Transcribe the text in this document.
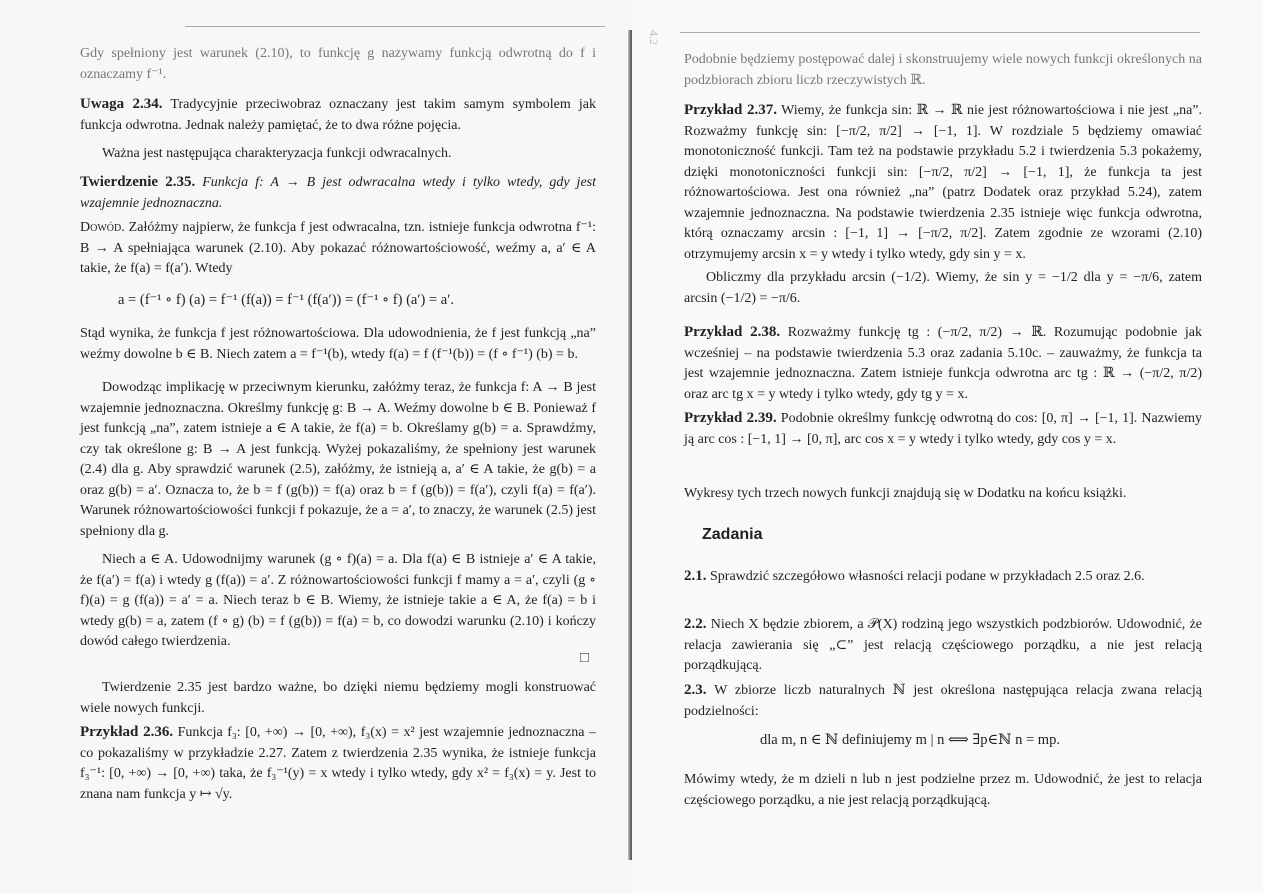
Gdy spełniony jest warunek (2.10), to funkcję g nazywamy funkcją odwrotną do f i oznaczamy f⁻¹.

Uwaga 2.34. Tradycyjnie przeciwobraz oznaczany jest takim samym symbolem jak funkcja odwrotna. Jednak należy pamiętać, że to dwa różne pojęcia.

Ważna jest następująca charakteryzacja funkcji odwracalnych.

Twierdzenie 2.35. Funkcja f: A → B jest odwracalna wtedy i tylko wtedy, gdy jest wzajemnie jednoznaczna.

Dowód. Załóżmy najpierw, że funkcja f jest odwracalna, tzn. istnieje funkcja odwrotna f⁻¹: B → A spełniająca warunek (2.10). Aby pokazać różnowartościowość, weźmy a, a′ ∈ A takie, że f(a) = f(a′). Wtedy

a = (f⁻¹ ∘ f) (a) = f⁻¹ (f(a)) = f⁻¹ (f(a′)) = (f⁻¹ ∘ f) (a′) = a′.

Stąd wynika, że funkcja f jest różnowartościowa. Dla udowodnienia, że f jest funkcją „na” weźmy dowolne b ∈ B. Niech zatem a = f⁻¹(b), wtedy f(a) = f (f⁻¹(b)) = (f ∘ f⁻¹) (b) = b.

Dowodząc implikację w przeciwnym kierunku, załóżmy teraz, że funkcja f: A → B jest wzajemnie jednoznaczna. Określmy funkcję g: B → A. Weźmy dowolne b ∈ B. Ponieważ f jest funkcją „na”, zatem istnieje a ∈ A takie, że f(a) = b. Określamy g(b) = a. Sprawdźmy, czy tak określone g: B → A jest funkcją. Wyżej pokazaliśmy, że spełniony jest warunek (2.4) dla g. Aby sprawdzić warunek (2.5), załóżmy, że istnieją a, a′ ∈ A takie, że g(b) = a oraz g(b) = a′. Oznacza to, że b = f (g(b)) = f(a) oraz b = f (g(b)) = f(a′), czyli f(a) = f(a′). Warunek różnowartościowości funkcji f pokazuje, że a = a′, to znaczy, że warunek (2.5) jest spełniony dla g.

Niech a ∈ A. Udowodnijmy warunek (g ∘ f)(a) = a. Dla f(a) ∈ B istnieje a′ ∈ A takie, że f(a′) = f(a) i wtedy g (f(a)) = a′. Z różnowartościowości funkcji f mamy a = a′, czyli (g ∘ f)(a) = g (f(a)) = a′ = a. Niech teraz b ∈ B. Wiemy, że istnieje takie a ∈ A, że f(a) = b i wtedy g(b) = a, zatem (f ∘ g) (b) = f (g(b)) = f(a) = b, co dowodzi warunku (2.10) i kończy dowód całego twierdzenia.

□

Twierdzenie 2.35 jest bardzo ważne, bo dzięki niemu będziemy mogli konstruować wiele nowych funkcji.

Przykład 2.36. Funkcja f₃: [0, +∞) → [0, +∞), f₃(x) = x² jest wzajemnie jednoznaczna – co pokazaliśmy w przykładzie 2.27. Zatem z twierdzenia 2.35 wynika, że istnieje funkcja f₃⁻¹: [0, +∞) → [0, +∞) taka, że f₃⁻¹(y) = x wtedy i tylko wtedy, gdy x² = f₃(x) = y. Jest to znana nam funkcja y ↦ √y.

4.2

Podobnie będziemy postępować dalej i skonstruujemy wiele nowych funkcji określonych na podzbiorach zbioru liczb rzeczywistych ℝ.

Przykład 2.37. Wiemy, że funkcja sin: ℝ → ℝ nie jest różnowartościowa i nie jest „na”. Rozważmy funkcję sin: [−π/2, π/2] → [−1, 1]. W rozdziale 5 będziemy omawiać monotoniczność funkcji. Tam też na podstawie przykładu 5.2 i twierdzenia 5.3 pokażemy, dzięki monotoniczności funkcji sin: [−π/2, π/2] → [−1, 1], że funkcja ta jest różnowartościowa. Jest ona również „na” (patrz Dodatek oraz przykład 5.24), zatem wzajemnie jednoznaczna. Na podstawie twierdzenia 2.35 istnieje więc funkcja odwrotna, którą oznaczamy arcsin : [−1, 1] → [−π/2, π/2]. Zatem zgodnie ze wzorami (2.10) otrzymujemy arcsin x = y wtedy i tylko wtedy, gdy sin y = x.

Obliczmy dla przykładu arcsin (−1/2). Wiemy, że sin y = −1/2 dla y = −π/6, zatem arcsin (−1/2) = −π/6.

Przykład 2.38. Rozważmy funkcję tg : (−π/2, π/2) → ℝ. Rozumując podobnie jak wcześniej – na podstawie twierdzenia 5.3 oraz zadania 5.10c. – zauważmy, że funkcja ta jest wzajemnie jednoznaczna. Zatem istnieje funkcja odwrotna arc tg : ℝ → (−π/2, π/2) oraz arc tg x = y wtedy i tylko wtedy, gdy tg y = x.

Przykład 2.39. Podobnie określmy funkcję odwrotną do cos: [0, π] → [−1, 1]. Nazwiemy ją arc cos : [−1, 1] → [0, π], arc cos x = y wtedy i tylko wtedy, gdy cos y = x.

Wykresy tych trzech nowych funkcji znajdują się w Dodatku na końcu książki.

Zadania

2.1. Sprawdzić szczegółowo własności relacji podane w przykładach 2.5 oraz 2.6.

2.2. Niech X będzie zbiorem, a 𝒫(X) rodziną jego wszystkich podzbiorów. Udowodnić, że relacja zawierania się „⊂” jest relacją częściowego porządku, a nie jest relacją porządkującą.

2.3. W zbiorze liczb naturalnych ℕ jest określona następująca relacja zwana relacją podzielności:

dla m, n ∈ ℕ definiujemy m | n ⟺ ∃p∈ℕ n = mp.

Mówimy wtedy, że m dzieli n lub n jest podzielne przez m. Udowodnić, że jest to relacja częściowego porządku, a nie jest relacją porządkującą.
